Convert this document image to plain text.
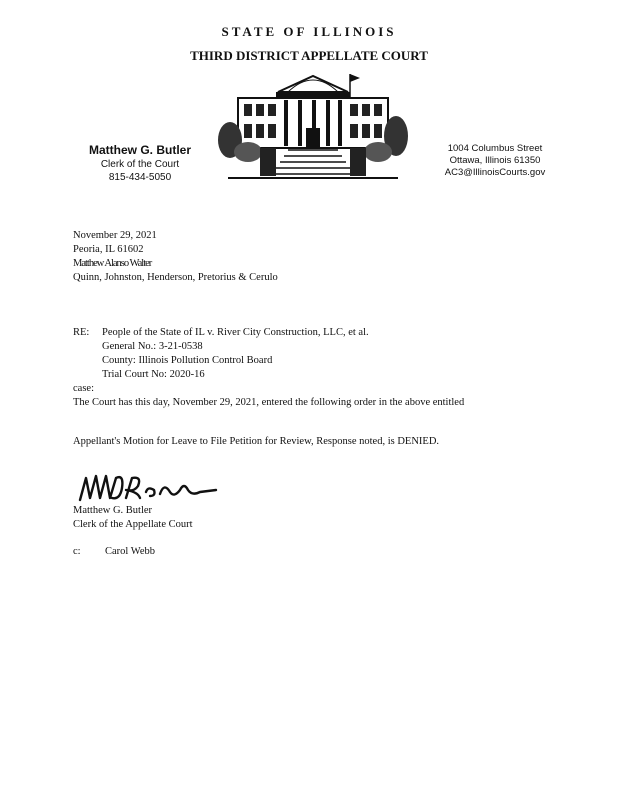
STATE OF ILLINOIS
THIRD DISTRICT APPELLATE COURT
Matthew G. Butler
Clerk of the Court
815-434-5050
1004 Columbus Street
Ottawa, Illinois 61350
AC3@IllinoisCourts.gov
November 29, 2021
Peoria, IL 61602
Matthew Alanso Walter
Quinn, Johnston, Henderson, Pretorius & Cerulo
RE: People of the State of IL v. River City Construction, LLC, et al.
General No.: 3-21-0538
County: Illinois Pollution Control Board
Trial Court No: 2020-16
case:
The Court has this day, November 29, 2021, entered the following order in the above entitled
Appellant's Motion for Leave to File Petition for Review, Response noted, is DENIED.
Matthew G. Butler
Clerk of the Appellate Court
c: Carol Webb
